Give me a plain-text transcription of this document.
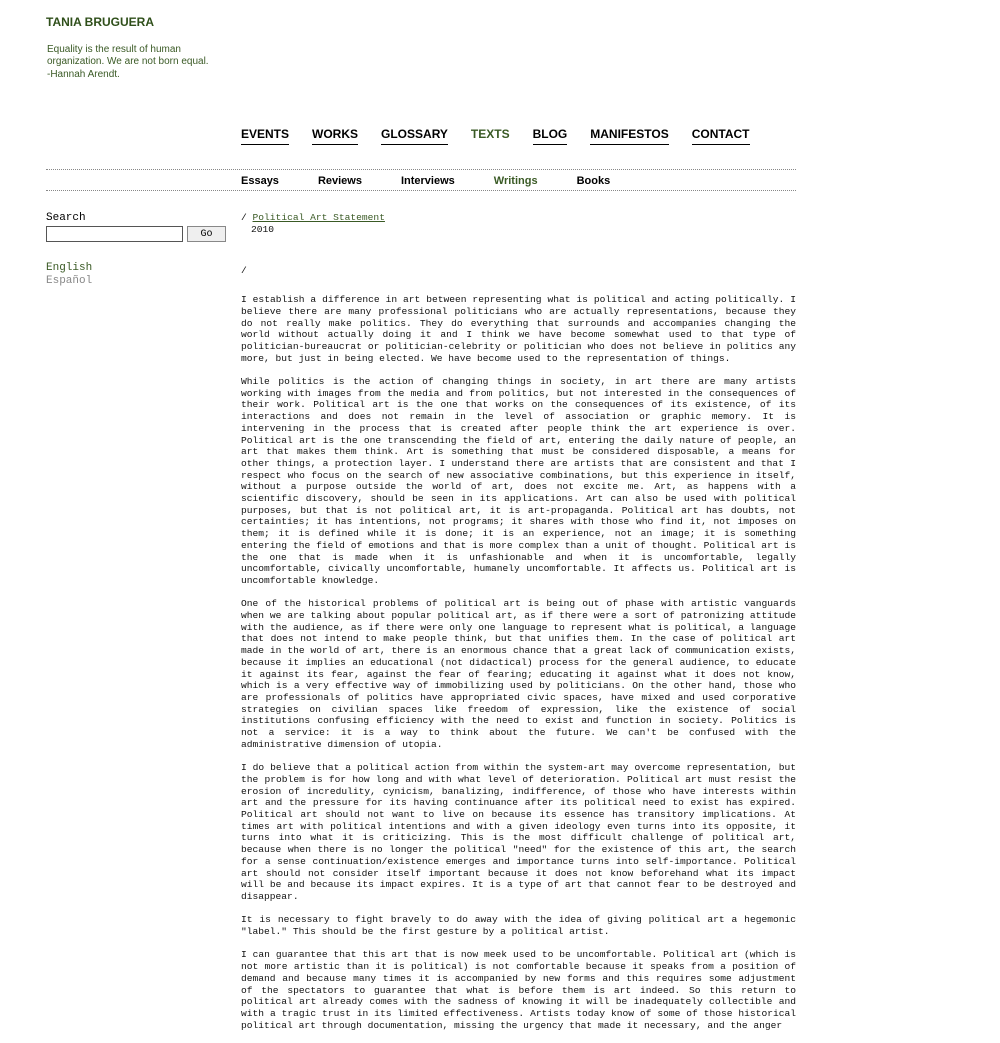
TANIA BRUGUERA
Equality is the result of human
organization. We are not born equal.
-Hannah Arendt.
EVENTS WORKS GLOSSARY TEXTS BLOG MANIFESTOS CONTACT
Essays	Reviews	Interviews	Writings	Books
Search
Go
English
Español
/ Political Art Statement
2010
/

I establish a difference in art between representing what is political and acting politically. I believe there are many professional politicians who are actually representations, because they do not really make politics. They do everything that surrounds and accompanies changing the world without actually doing it and I think we have become somewhat used to that type of politician-bureaucrat or politician-celebrity or politician who does not believe in politics any more, but just in being elected. We have become used to the representation of things.

While politics is the action of changing things in society, in art there are many artists working with images from the media and from politics, but not interested in the consequences of their work. Political art is the one that works on the consequences of its existence, of its interactions and does not remain in the level of association or graphic memory. It is intervening in the process that is created after people think the art experience is over. Political art is the one transcending the field of art, entering the daily nature of people, an art that makes them think. Art is something that must be considered disposable, a means for other things, a protection layer. I understand there are artists that are consistent and that I respect who focus on the search of new associative combinations, but this experience in itself, without a purpose outside the world of art, does not excite me. Art, as happens with a scientific discovery, should be seen in its applications. Art can also be used with political purposes, but that is not political art, it is art-propaganda. Political art has doubts, not certainties; it has intentions, not programs; it shares with those who find it, not imposes on them; it is defined while it is done; it is an experience, not an image; it is something entering the field of emotions and that is more complex than a unit of thought. Political art is the one that is made when it is unfashionable and when it is uncomfortable, legally uncomfortable, civically uncomfortable, humanely uncomfortable. It affects us. Political art is uncomfortable knowledge.

One of the historical problems of political art is being out of phase with artistic vanguards when we are talking about popular political art, as if there were a sort of patronizing attitude with the audience, as if there were only one language to represent what is political, a language that does not intend to make people think, but that unifies them. In the case of political art made in the world of art, there is an enormous chance that a great lack of communication exists, because it implies an educational (not didactical) process for the general audience, to educate it against its fear, against the fear of fearing; educating it against what it does not know, which is a very effective way of immobilizing used by politicians. On the other hand, those who are professionals of politics have appropriated civic spaces, have mixed and used corporative strategies on civilian spaces like freedom of expression, like the existence of social institutions confusing efficiency with the need to exist and function in society. Politics is not a service: it is a way to think about the future. We can't be confused with the administrative dimension of utopia.

I do believe that a political action from within the system-art may overcome representation, but the problem is for how long and with what level of deterioration. Political art must resist the erosion of incredulity, cynicism, banalizing, indifference, of those who have interests within art and the pressure for its having continuance after its political need to exist has expired. Political art should not want to live on because its essence has transitory implications. At times art with political intentions and with a given ideology even turns into its opposite, it turns into what it is criticizing. This is the most difficult challenge of political art, because when there is no longer the political "need" for the existence of this art, the search for a sense continuation/existence emerges and importance turns into self-importance. Political art should not consider itself important because it does not know beforehand what its impact will be and because its impact expires. It is a type of art that cannot fear to be destroyed and disappear.

It is necessary to fight bravely to do away with the idea of giving political art a hegemonic "label." This should be the first gesture by a political artist.

I can guarantee that this art that is now meek used to be uncomfortable. Political art (which is not more artistic than it is political) is not comfortable because it speaks from a position of demand and because many times it is accompanied by new forms and this requires some adjustment of the spectators to guarantee that what is before them is art indeed. So this return to political art already comes with the sadness of knowing it will be inadequately collectible and with a tragic trust in its limited effectiveness. Artists today know of some of those historical political art through documentation, missing the urgency that made it necessary, and the anger
